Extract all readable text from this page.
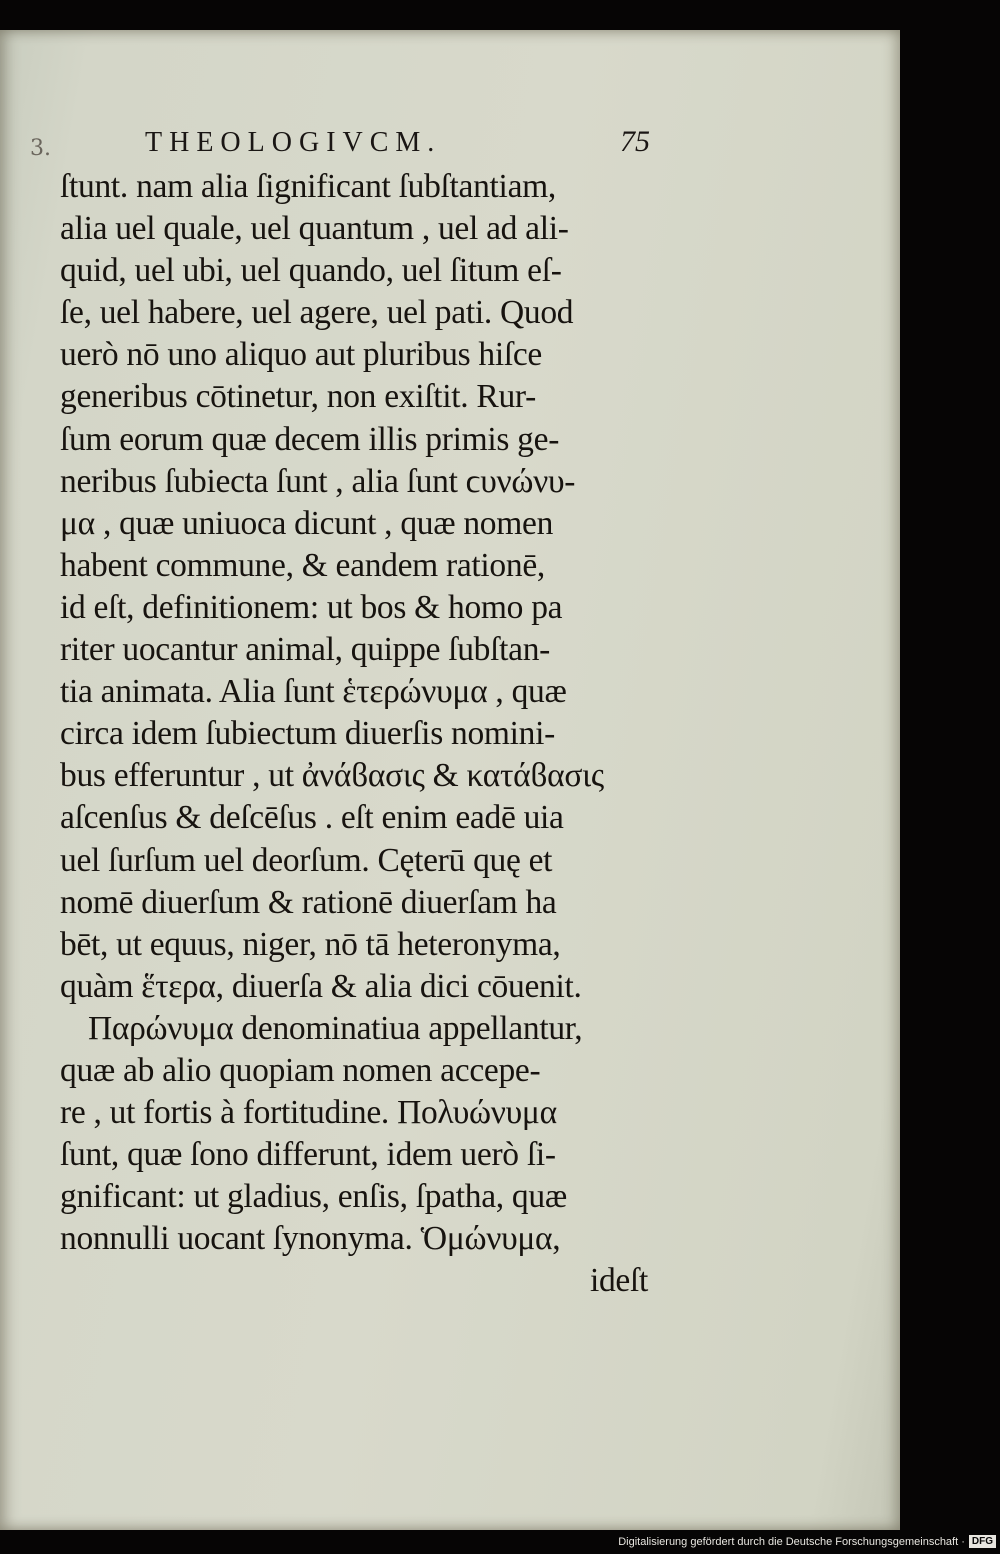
3.	THEOLOGIVCM.	75
ſtunt. nam alia ſignificant ſubſtantiam,
alia uel quale, uel quantum , uel ad ali-
quid, uel ubi, uel quando, uel ſitum eſ-
ſe, uel habere, uel agere, uel pati. Quod
uerò nō uno aliquo aut pluribus hiſce
generibus cōtinetur, non exiſtit. Rur-
ſum eorum quæ decem illis primis ge-
neribus ſubiecta ſunt , alia ſunt ϲυνώνυ-
μα , quæ uniuoca dicunt , quæ nomen
habent commune, & eandem rationē,
id eſt, definitionem: ut bos & homo pa
riter uocantur animal, quippe ſubſtan-
tia animata. Alia ſunt ἑτερώνυμα , quæ
circa idem ſubiectum diuerſis nomini-
bus efferuntur , ut ἀνάϐασις & κατάϐασις
aſcenſus & deſcēſus . eſt enim eadē uia
uel ſurſum uel deorſum. Cęterū quę et
nomē diuerſum & rationē diuerſam ha
bēt, ut equus, niger, nō tā heteronyma,
quàm ἕτερα, diuerſa & alia dici cōuenit.
Παρώνυμα denominatiua appellantur,
quæ ab alio quopiam nomen accepe-
re , ut fortis à fortitudine. Πολυώνυμα
ſunt, quæ ſono differunt, idem uerò ſi-
gnificant: ut gladius, enſis, ſpatha, quæ
nonnulli uocant ſynonyma. Ὁμώνυμα,
ideſt
Digitalisierung gefördert durch die Deutsche Forschungsgemeinschaft · DFG
